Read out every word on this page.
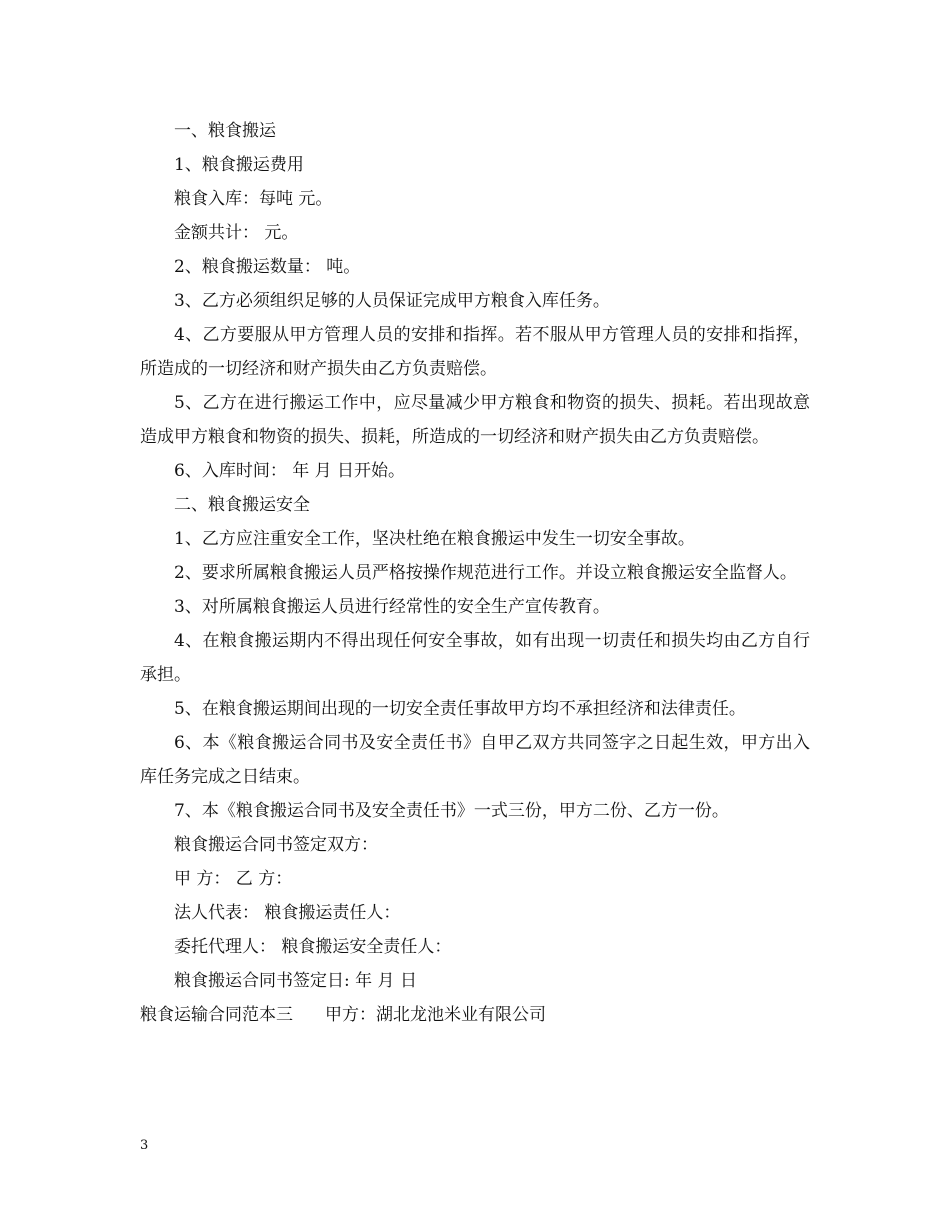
一、粮食搬运

1、粮食搬运费用

粮食入库：每吨 元。

金额共计： 元。

2、粮食搬运数量： 吨。

3、乙方必须组织足够的人员保证完成甲方粮食入库任务。

4、乙方要服从甲方管理人员的安排和指挥。若不服从甲方管理人员的安排和指挥，所造成的一切经济和财产损失由乙方负责赔偿。

5、乙方在进行搬运工作中，应尽量减少甲方粮食和物资的损失、损耗。若出现故意造成甲方粮食和物资的损失、损耗，所造成的一切经济和财产损失由乙方负责赔偿。

6、入库时间： 年 月 日开始。

二、粮食搬运安全

1、乙方应注重安全工作，坚决杜绝在粮食搬运中发生一切安全事故。

2、要求所属粮食搬运人员严格按操作规范进行工作。并设立粮食搬运安全监督人。

3、对所属粮食搬运人员进行经常性的安全生产宣传教育。

4、在粮食搬运期内不得出现任何安全事故，如有出现一切责任和损失均由乙方自行承担。

5、在粮食搬运期间出现的一切安全责任事故甲方均不承担经济和法律责任。

6、本《粮食搬运合同书及安全责任书》自甲乙双方共同签字之日起生效，甲方出入库任务完成之日结束。

7、本《粮食搬运合同书及安全责任书》一式三份，甲方二份、乙方一份。

粮食搬运合同书签定双方：

甲 方： 乙 方：

法人代表： 粮食搬运责任人：

委托代理人： 粮食搬运安全责任人：

粮食搬运合同书签定日: 年 月 日

粮食运输合同范本三 甲方：湖北龙池米业有限公司

3
